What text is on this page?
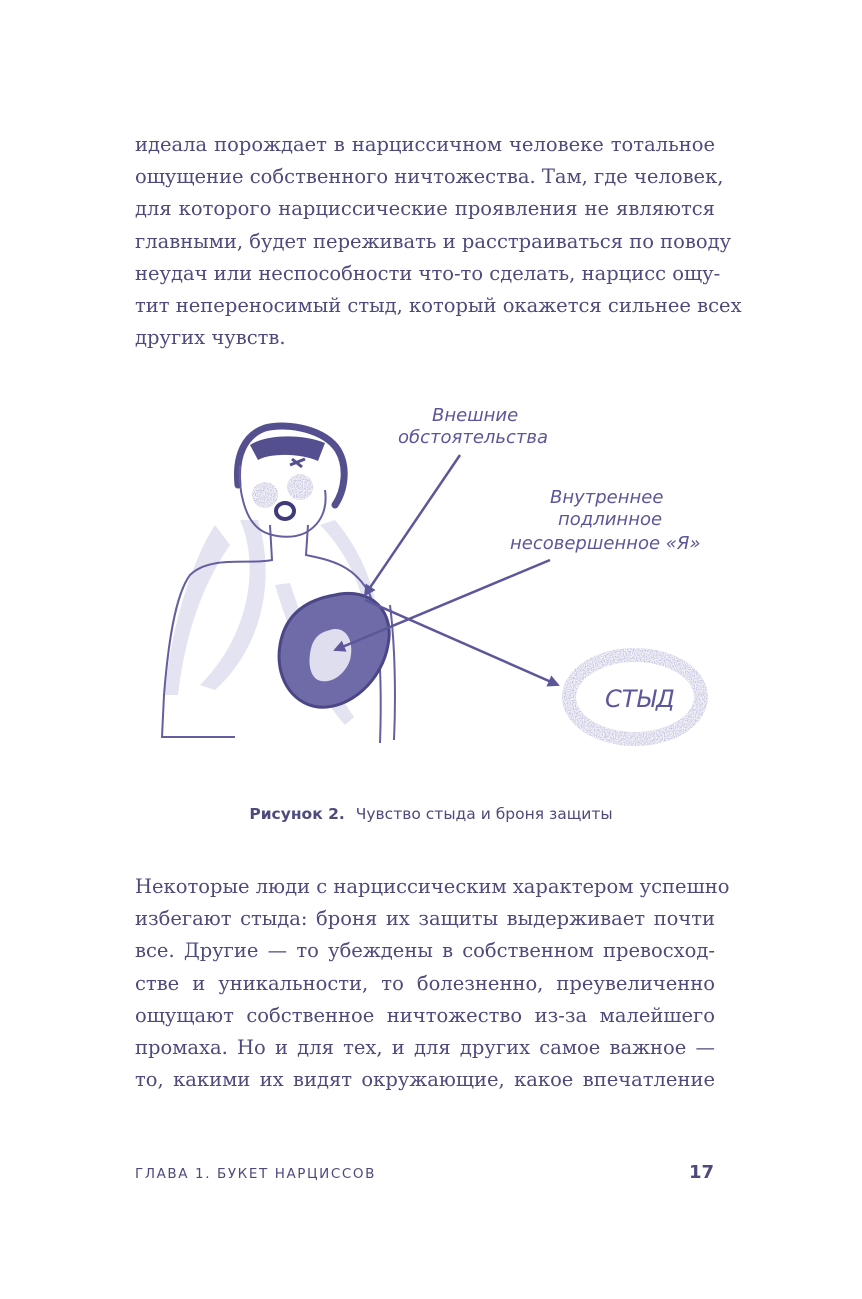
идеала порождает в нарциссичном человеке тотальное
ощущение собственного ничтожества. Там, где человек,
для которого нарциссические проявления не являются
главными, будет переживать и расстраиваться по поводу
неудач или неспособности что-то сделать, нарцисс ощу-
тит непереносимый стыд, который окажется сильнее всех
других чувств.

СТЫД
Внешние
обстоятельства
Внутреннее
подлинное
несовершенное «Я»
Рисунок 2. Чувство стыда и броня защиты

Некоторые люди с нарциссическим характером успешно
избегают стыда: броня их защиты выдерживает почти
все. Другие — то убеждены в собственном превосход-
стве и уникальности, то болезненно, преувеличенно
ощущают собственное ничтожество из-за малейшего
промаха. Но и для тех, и для других самое важное —
то, какими их видят окружающие, какое впечатление

ГЛАВА 1. БУКЕТ НАРЦИССОВ	17
